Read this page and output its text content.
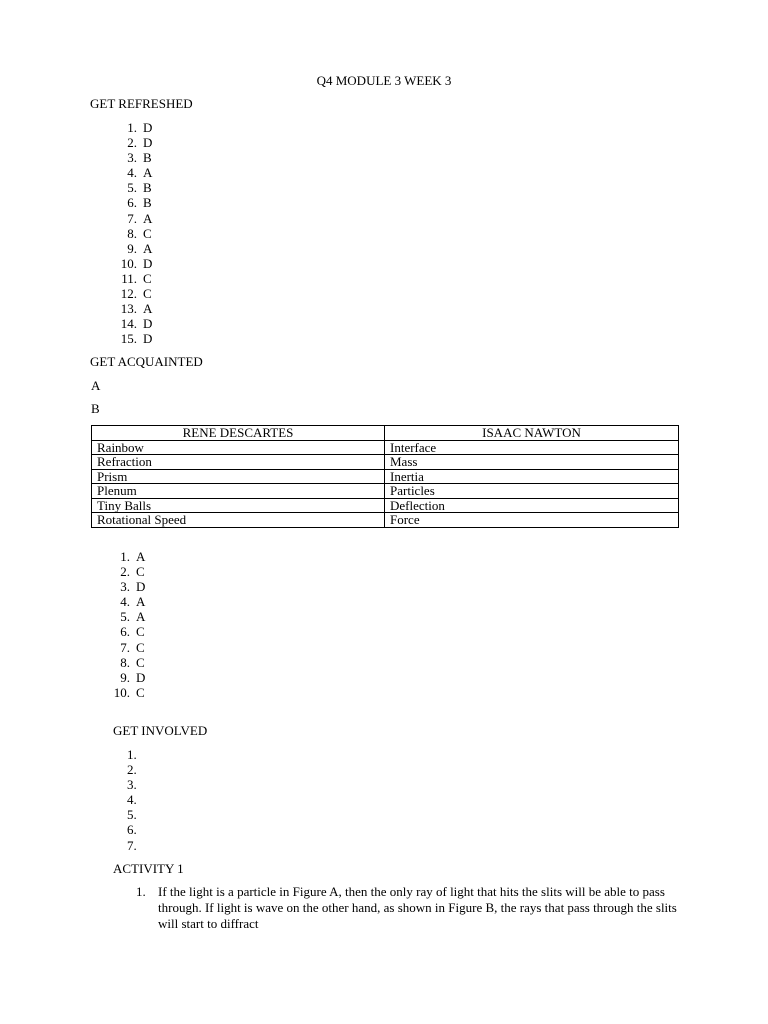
Q4 MODULE 3 WEEK 3
GET REFRESHED
1. D
2. D
3. B
4. A
5. B
6. B
7. A
8. C
9. A
10. D
11. C
12. C
13. A
14. D
15. D
GET ACQUAINTED
A
B
RENE DESCARTES	ISAAC NAWTON
Rainbow	Interface
Refraction	Mass
Prism	Inertia
Plenum	Particles
Tiny Balls	Deflection
Rotational Speed	Force
1. A
2. C
3. D
4. A
5. A
6. C
7. C
8. C
9. D
10. C
GET INVOLVED
1.
2.
3.
4.
5.
6.
7.
ACTIVITY 1
1. If the light is a particle in Figure A, then the only ray of light that hits the slits will be able to pass through. If light is wave on the other hand, as shown in Figure B, the rays that pass through the slits will start to diffract
